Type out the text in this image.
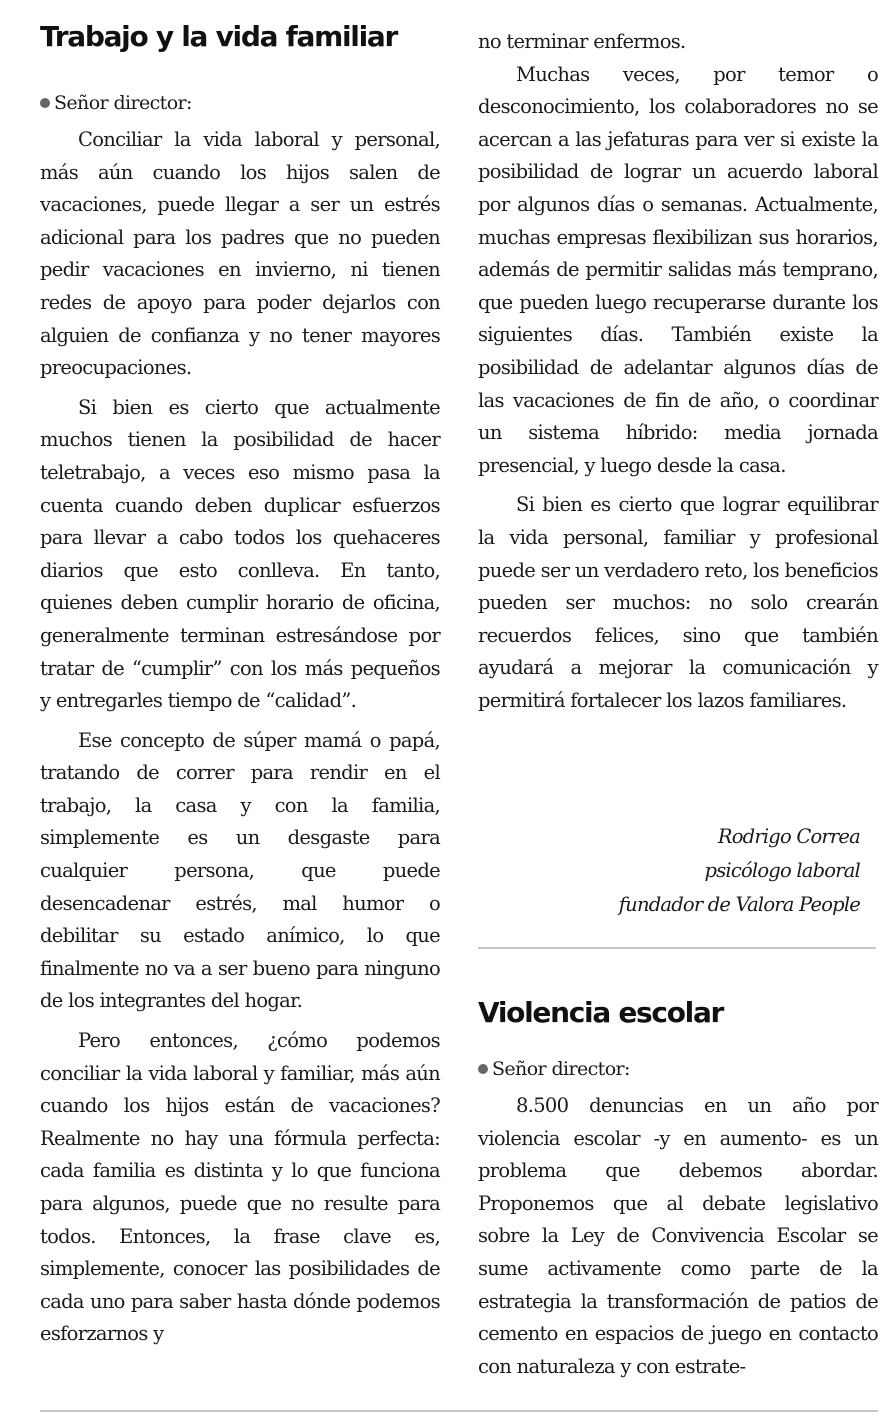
Trabajo y la vida familiar
Señor director:

Conciliar la vida laboral y personal, más aún cuando los hijos salen de vacaciones, puede llegar a ser un estrés adicional para los padres que no pueden pedir vacaciones en invierno, ni tienen redes de apoyo para poder dejarlos con alguien de confianza y no tener mayores preocupaciones.

Si bien es cierto que actualmente muchos tienen la posibilidad de hacer teletrabajo, a veces eso mismo pasa la cuenta cuando deben duplicar esfuerzos para llevar a cabo todos los quehaceres diarios que esto conlleva. En tanto, quienes deben cumplir horario de oficina, generalmente terminan estresándose por tratar de “cumplir” con los más pequeños y entregarles tiempo de “calidad”.

Ese concepto de súper mamá o papá, tratando de correr para rendir en el trabajo, la casa y con la familia, simplemente es un desgaste para cualquier persona, que puede desencadenar estrés, mal humor o debilitar su estado anímico, lo que finalmente no va a ser bueno para ninguno de los integrantes del hogar.

Pero entonces, ¿cómo podemos conciliar la vida laboral y familiar, más aún cuando los hijos están de vacaciones? Realmente no hay una fórmula perfecta: cada familia es distinta y lo que funciona para algunos, puede que no resulte para todos. Entonces, la frase clave es, simplemente, conocer las posibilidades de cada uno para saber hasta dónde podemos esforzarnos y

no terminar enfermos.

Muchas veces, por temor o desconocimiento, los colaboradores no se acercan a las jefaturas para ver si existe la posibilidad de lograr un acuerdo laboral por algunos días o semanas. Actualmente, muchas empresas flexibilizan sus horarios, además de permitir salidas más temprano, que pueden luego recuperarse durante los siguientes días. También existe la posibilidad de adelantar algunos días de las vacaciones de fin de año, o coordinar un sistema híbrido: media jornada presencial, y luego desde la casa.

Si bien es cierto que lograr equilibrar la vida personal, familiar y profesional puede ser un verdadero reto, los beneficios pueden ser muchos: no solo crearán recuerdos felices, sino que también ayudará a mejorar la comunicación y permitirá fortalecer los lazos familiares.

Rodrigo Correa
psicólogo laboral
fundador de Valora People
Violencia escolar
Señor director:

8.500 denuncias en un año por violencia escolar -y en aumento- es un problema que debemos abordar. Proponemos que al debate legislativo sobre la Ley de Convivencia Escolar se sume activamente como parte de la estrategia la transformación de patios de cemento en espacios de juego en contacto con naturaleza y con estrate-
